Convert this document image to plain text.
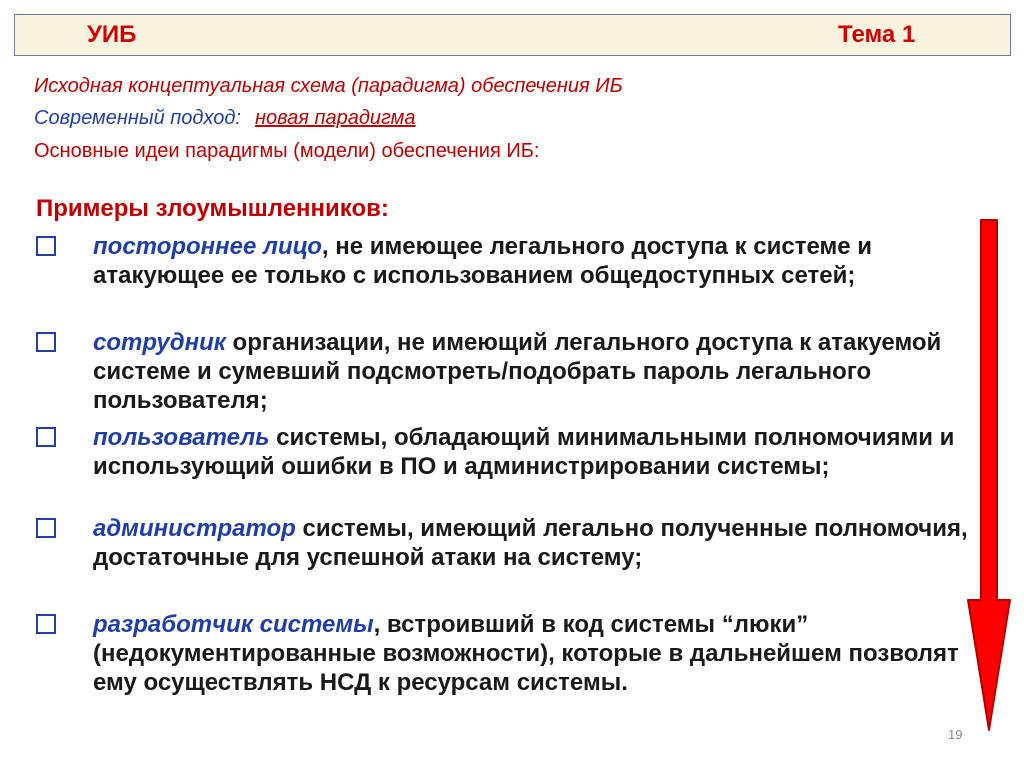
УИБ	Тема 1
Исходная концептуальная схема (парадигма) обеспечения ИБ
Современный подход: новая парадигма
Основные идеи парадигмы (модели) обеспечения ИБ:
Примеры злоумышленников:
постороннее лицо, не имеющее легального доступа к системе и атакующее ее только с использованием общедоступных сетей;
сотрудник организации, не имеющий легального доступа к атакуемой системе и сумевший подсмотреть/подобрать пароль легального пользователя;
пользователь системы, обладающий минимальными полномочиями и использующий ошибки в ПО и администрировании системы;
администратор системы, имеющий легально полученные полномочия, достаточные для успешной атаки на систему;
разработчик системы, встроивший в код системы “люки” (недокументированные возможности), которые в дальнейшем позволят ему осуществлять НСД к ресурсам системы.
19
